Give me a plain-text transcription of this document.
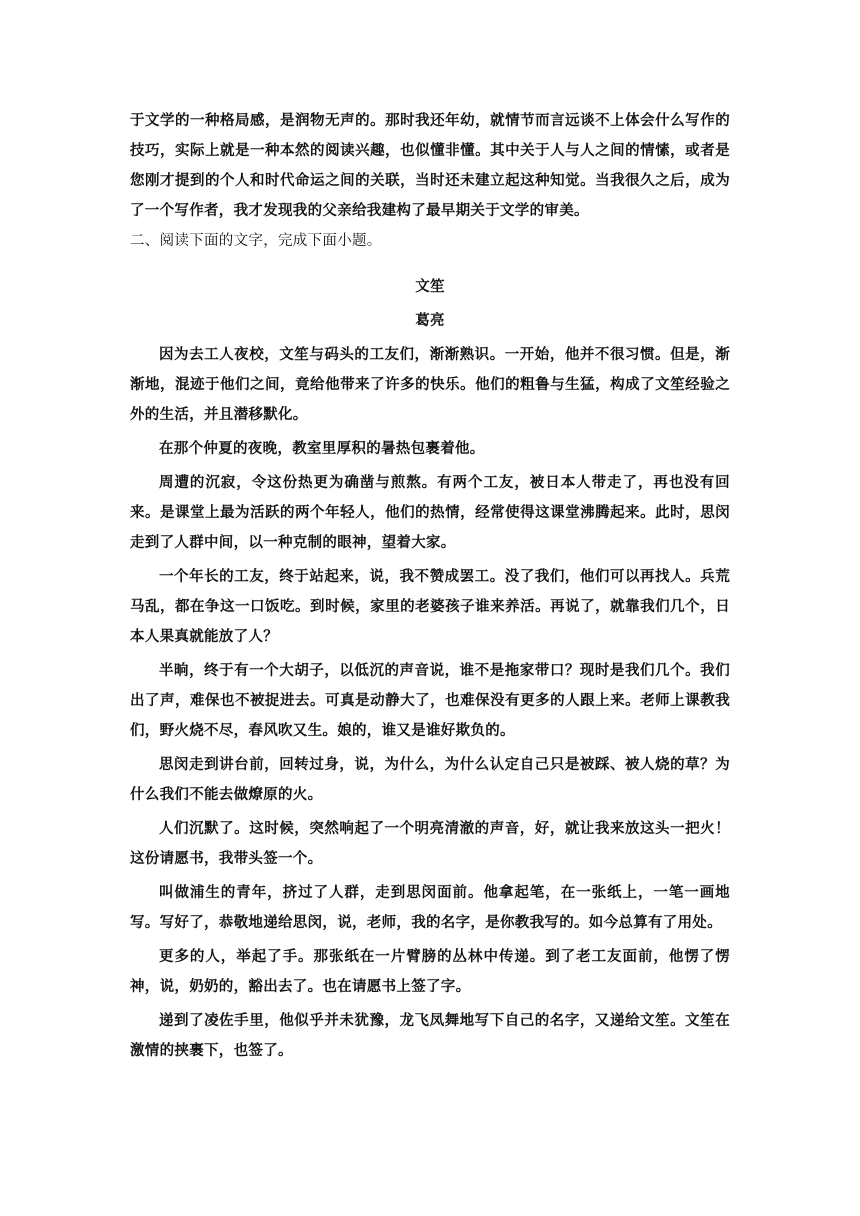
于文学的一种格局感，是润物无声的。那时我还年幼，就情节而言远谈不上体会什么写作的技巧，实际上就是一种本然的阅读兴趣，也似懂非懂。其中关于人与人之间的情愫，或者是您刚才提到的个人和时代命运之间的关联，当时还未建立起这种知觉。当我很久之后，成为了一个写作者，我才发现我的父亲给我建构了最早期关于文学的审美。

二、阅读下面的文字，完成下面小题。

文笙

葛亮

因为去工人夜校，文笙与码头的工友们，渐渐熟识。一开始，他并不很习惯。但是，渐渐地，混迹于他们之间，竟给他带来了许多的快乐。他们的粗鲁与生猛，构成了文笙经验之外的生活，并且潜移默化。

在那个仲夏的夜晚，教室里厚积的暑热包裹着他。

周遭的沉寂，令这份热更为确凿与煎熬。有两个工友，被日本人带走了，再也没有回来。是课堂上最为活跃的两个年轻人，他们的热情，经常使得这课堂沸腾起来。此时，思闵走到了人群中间，以一种克制的眼神，望着大家。

一个年长的工友，终于站起来，说，我不赞成罢工。没了我们，他们可以再找人。兵荒马乱，都在争这一口饭吃。到时候，家里的老婆孩子谁来养活。再说了，就靠我们几个，日本人果真就能放了人？

半晌，终于有一个大胡子，以低沉的声音说，谁不是拖家带口？现时是我们几个。我们出了声，难保也不被捉进去。可真是动静大了，也难保没有更多的人跟上来。老师上课教我们，野火烧不尽，春风吹又生。娘的，谁又是谁好欺负的。

思闵走到讲台前，回转过身，说，为什么，为什么认定自己只是被踩、被人烧的草？为什么我们不能去做燎原的火。

人们沉默了。这时候，突然响起了一个明亮清澈的声音，好，就让我来放这头一把火！这份请愿书，我带头签一个。

叫做浦生的青年，挤过了人群，走到思闵面前。他拿起笔，在一张纸上，一笔一画地写。写好了，恭敬地递给思闵，说，老师，我的名字，是你教我写的。如今总算有了用处。

更多的人，举起了手。那张纸在一片臂膀的丛林中传递。到了老工友面前，他愣了愣神，说，奶奶的，豁出去了。也在请愿书上签了字。

递到了凌佐手里，他似乎并未犹豫，龙飞凤舞地写下自己的名字，又递给文笙。文笙在激情的挟裹下，也签了。
